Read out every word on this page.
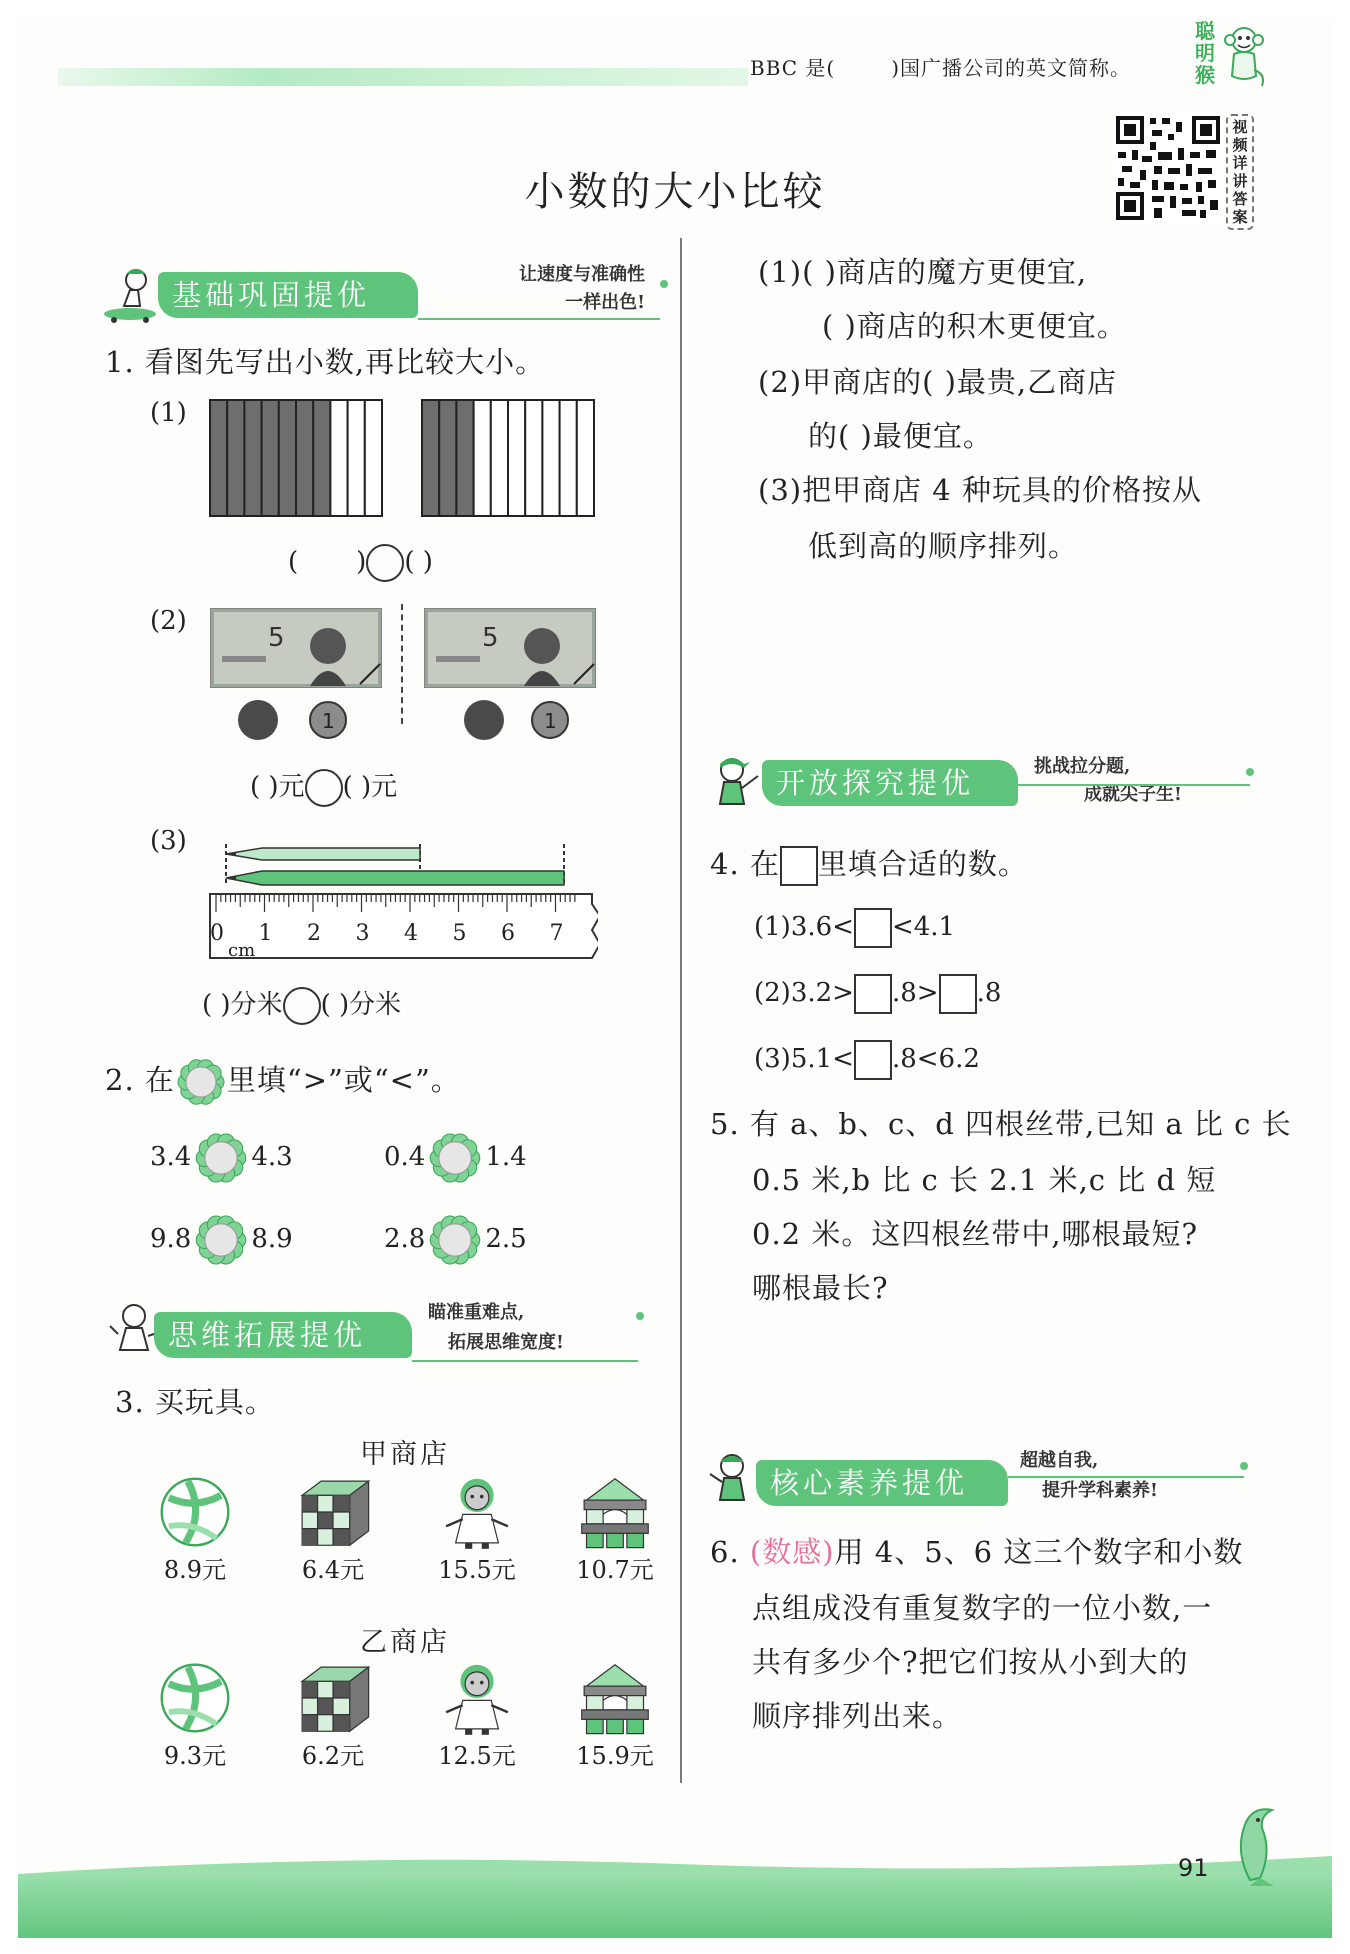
BBC 是(	)国广播公司的英文简称。
聪明猴
视频详讲答案
小数的大小比较
基础巩固提优
让速度与准确性
一样出色!
1. 看图先写出小数,再比较大小。
(1)
( ) ( )
(2)
5	5
1	1
( )元 ( )元
(3)
0 1 2 3 4 5 6 7
cm
( )分米 ( )分米
2. 在 里填“>”或“<”。
3.4 4.3	0.4 1.4
9.8 8.9	2.8 2.5
思维拓展提优
瞄准重难点,
拓展思维宽度!
3. 买玩具。
甲商店
8.9元	6.4元	15.5元	10.7元
乙商店
9.3元	6.2元	12.5元	15.9元
(1)( )商店的魔方更便宜,
( )商店的积木更便宜。
(2)甲商店的( )最贵,乙商店
的( )最便宜。
(3)把甲商店 4 种玩具的价格按从
低到高的顺序排列。
开放探究提优	挑战拉分题,
成就尖子生!
4. 在 里填合适的数。
(1)3.6< <4.1
(2)3.2> .8> .8
(3)5.1< .8<6.2
5. 有 a、b、c、d 四根丝带,已知 a 比 c 长
0.5 米,b 比 c 长 2.1 米,c 比 d 短
0.2 米。这四根丝带中,哪根最短?
哪根最长?
核心素养提优
超越自我,
提升学科素养!
6. (数感)用 4、5、6 这三个数字和小数
点组成没有重复数字的一位小数,一
共有多少个?把它们按从小到大的
顺序排列出来。
91
